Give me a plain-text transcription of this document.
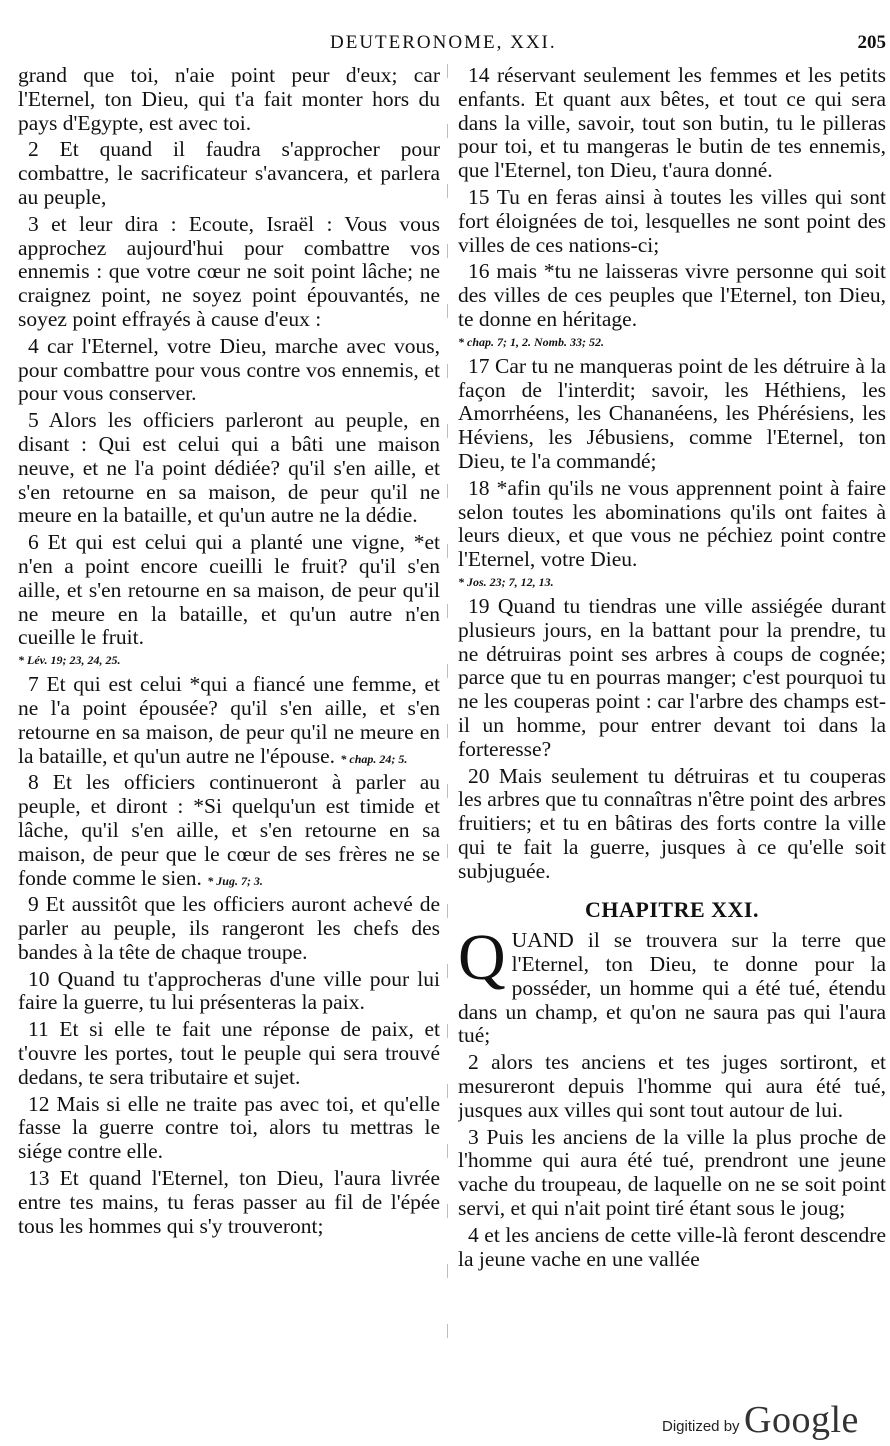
DEUTERONOME, XXI.	205

grand que toi, n'aie point peur d'eux; car l'Eternel, ton Dieu, qui t'a fait monter hors du pays d'Egypte, est avec toi.

2 Et quand il faudra s'approcher pour combattre, le sacrificateur s'avancera, et parlera au peuple,

3 et leur dira : Ecoute, Israël : Vous vous approchez aujourd'hui pour combattre vos ennemis : que votre cœur ne soit point lâche; ne craignez point, ne soyez point épouvantés, ne soyez point effrayés à cause d'eux :

4 car l'Eternel, votre Dieu, marche avec vous, pour combattre pour vous contre vos ennemis, et pour vous conserver.

5 Alors les officiers parleront au peuple, en disant : Qui est celui qui a bâti une maison neuve, et ne l'a point dédiée? qu'il s'en aille, et s'en retourne en sa maison, de peur qu'il ne meure en la bataille, et qu'un autre ne la dédie.

6 Et qui est celui qui a planté une vigne, *et n'en a point encore cueilli le fruit? qu'il s'en aille, et s'en retourne en sa maison, de peur qu'il ne meure en la bataille, et qu'un autre n'en cueille le fruit.

* Lév. 19; 23, 24, 25.

7 Et qui est celui *qui a fiancé une femme, et ne l'a point épousée? qu'il s'en aille, et s'en retourne en sa maison, de peur qu'il ne meure en la bataille, et qu'un autre ne l'épouse. * chap. 24; 5.

8 Et les officiers continueront à parler au peuple, et diront : *Si quelqu'un est timide et lâche, qu'il s'en aille, et s'en retourne en sa maison, de peur que le cœur de ses frères ne se fonde comme le sien. * Jug. 7; 3.

9 Et aussitôt que les officiers auront achevé de parler au peuple, ils rangeront les chefs des bandes à la tête de chaque troupe.

10 Quand tu t'approcheras d'une ville pour lui faire la guerre, tu lui présenteras la paix.

11 Et si elle te fait une réponse de paix, et t'ouvre les portes, tout le peuple qui sera trouvé dedans, te sera tributaire et sujet.

12 Mais si elle ne traite pas avec toi, et qu'elle fasse la guerre contre toi, alors tu mettras le siége contre elle.

13 Et quand l'Eternel, ton Dieu, l'aura livrée entre tes mains, tu feras passer au fil de l'épée tous les hommes qui s'y trouveront;

14 réservant seulement les femmes et les petits enfants. Et quant aux bêtes, et tout ce qui sera dans la ville, savoir, tout son butin, tu le pilleras pour toi, et tu mangeras le butin de tes ennemis, que l'Eternel, ton Dieu, t'aura donné.

15 Tu en feras ainsi à toutes les villes qui sont fort éloignées de toi, lesquelles ne sont point des villes de ces nations-ci;

16 mais *tu ne laisseras vivre personne qui soit des villes de ces peuples que l'Eternel, ton Dieu, te donne en héritage.

* chap. 7; 1, 2. Nomb. 33; 52.

17 Car tu ne manqueras point de les détruire à la façon de l'interdit; savoir, les Héthiens, les Amorrhéens, les Chananéens, les Phérésiens, les Héviens, les Jébusiens, comme l'Eternel, ton Dieu, te l'a commandé;

18 *afin qu'ils ne vous apprennent point à faire selon toutes les abominations qu'ils ont faites à leurs dieux, et que vous ne péchiez point contre l'Eternel, votre Dieu.

* Jos. 23; 7, 12, 13.

19 Quand tu tiendras une ville assiégée durant plusieurs jours, en la battant pour la prendre, tu ne détruiras point ses arbres à coups de cognée; parce que tu en pourras manger; c'est pourquoi tu ne les couperas point : car l'arbre des champs est-il un homme, pour entrer devant toi dans la forteresse?

20 Mais seulement tu détruiras et tu couperas les arbres que tu connaîtras n'être point des arbres fruitiers; et tu en bâtiras des forts contre la ville qui te fait la guerre, jusques à ce qu'elle soit subjuguée.

CHAPITRE XXI.

QUAND il se trouvera sur la terre que l'Eternel, ton Dieu, te donne pour la posséder, un homme qui a été tué, étendu dans un champ, et qu'on ne saura pas qui l'aura tué;

2 alors tes anciens et tes juges sortiront, et mesureront depuis l'homme qui aura été tué, jusques aux villes qui sont tout autour de lui.

3 Puis les anciens de la ville la plus proche de l'homme qui aura été tué, prendront une jeune vache du troupeau, de laquelle on ne se soit point servi, et qui n'ait point tiré étant sous le joug;

4 et les anciens de cette ville-là feront descendre la jeune vache en une vallée

Digitized by Google
